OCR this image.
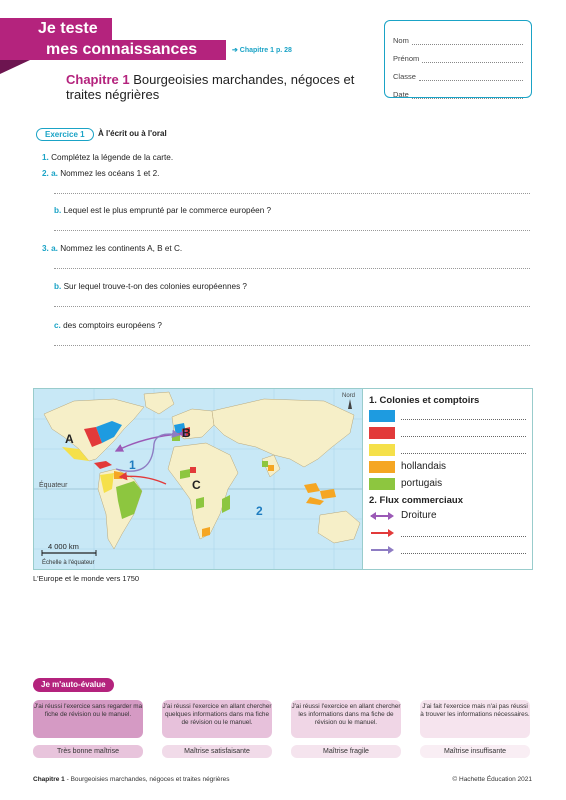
Je teste
mes connaissances	➔ Chapitre 1 p. 28
Chapitre 1 Bourgeoisies marchandes, négoces et traites négrières
Nom
Prénom
Classe
Date
Exercice 1	À l'écrit ou à l'oral
1. Complétez la légende de la carte.
2. a. Nommez les océans 1 et 2.
b. Lequel est le plus emprunté par le commerce européen ?
3. a. Nommez les continents A, B et C.
b. Sur lequel trouve-t-on des colonies européennes ?
c. des comptoirs européens ?
A	B
C
1
2
Équateur
Nord
4 000 km
Échelle à l'équateur
1. Colonies et comptoirs
hollandais
portugais
2. Flux commerciaux
Droiture
L'Europe et le monde vers 1750
Je m'auto-évalue
J'ai réussi l'exercice sans regarder ma fiche de révision ou le manuel.
Très bonne maîtrise
J'ai réussi l'exercice en allant chercher quelques informations dans ma fiche de révision ou le manuel.
Maîtrise satisfaisante
J'ai réussi l'exercice en allant chercher les informations dans ma fiche de révision ou le manuel.
Maîtrise fragile
J'ai fait l'exercice mais n'ai pas réussi à trouver les informations nécessaires.
Maîtrise insuffisante
Chapitre 1 - Bourgeoisies marchandes, négoces et traites négrières	© Hachette Éducation 2021
